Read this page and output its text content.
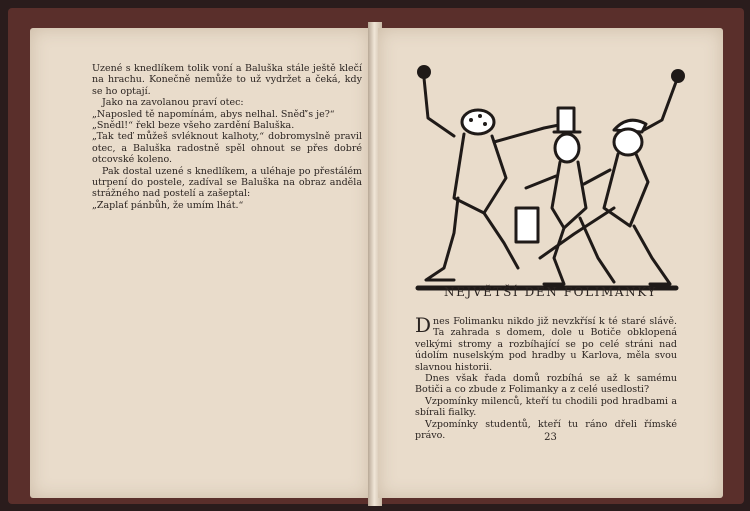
Uzené s knedlíkem tolik voní a Baluška stále ještě klečí na hrachu. Konečně nemůže to už vydržet a čeká, kdy se ho optají.

Jako na zavolanou praví otec:

„Naposled tě napomínám, abys nelhal. Sněď’s je?“

„Snědl!“ řekl beze všeho zardění Baluška.

„Tak teď můžeš svléknout kalhoty,“ dobromyslně pravil otec, a Baluška radostně spěl ohnout se přes dobré otcovské koleno.

Pak dostal uzené s knedlíkem, a uléhaje po přestálém utrpení do postele, zadíval se Baluška na obraz anděla strážného nad postelí a zašeptal:

„Zaplať pánbůh, že umím lhát.“

NEJVĚTŠÍ DEN FOLIMANKY

Dnes Folimanku nikdo již nevzkřísí k té staré slávě. Ta zahrada s domem, dole u Botiče obklopená velkými stromy a rozbíhající se po celé stráni nad údolím nuselským pod hradby u Karlova, měla svou slavnou historii.

Dnes však řada domů rozbíhá se až k samému Botiči a co zbude z Folimanky a z celé usedlosti?

Vzpomínky milenců, kteří tu chodili pod hradbami a sbírali fialky.

Vzpomínky studentů, kteří tu ráno dřeli římské právo.	23
